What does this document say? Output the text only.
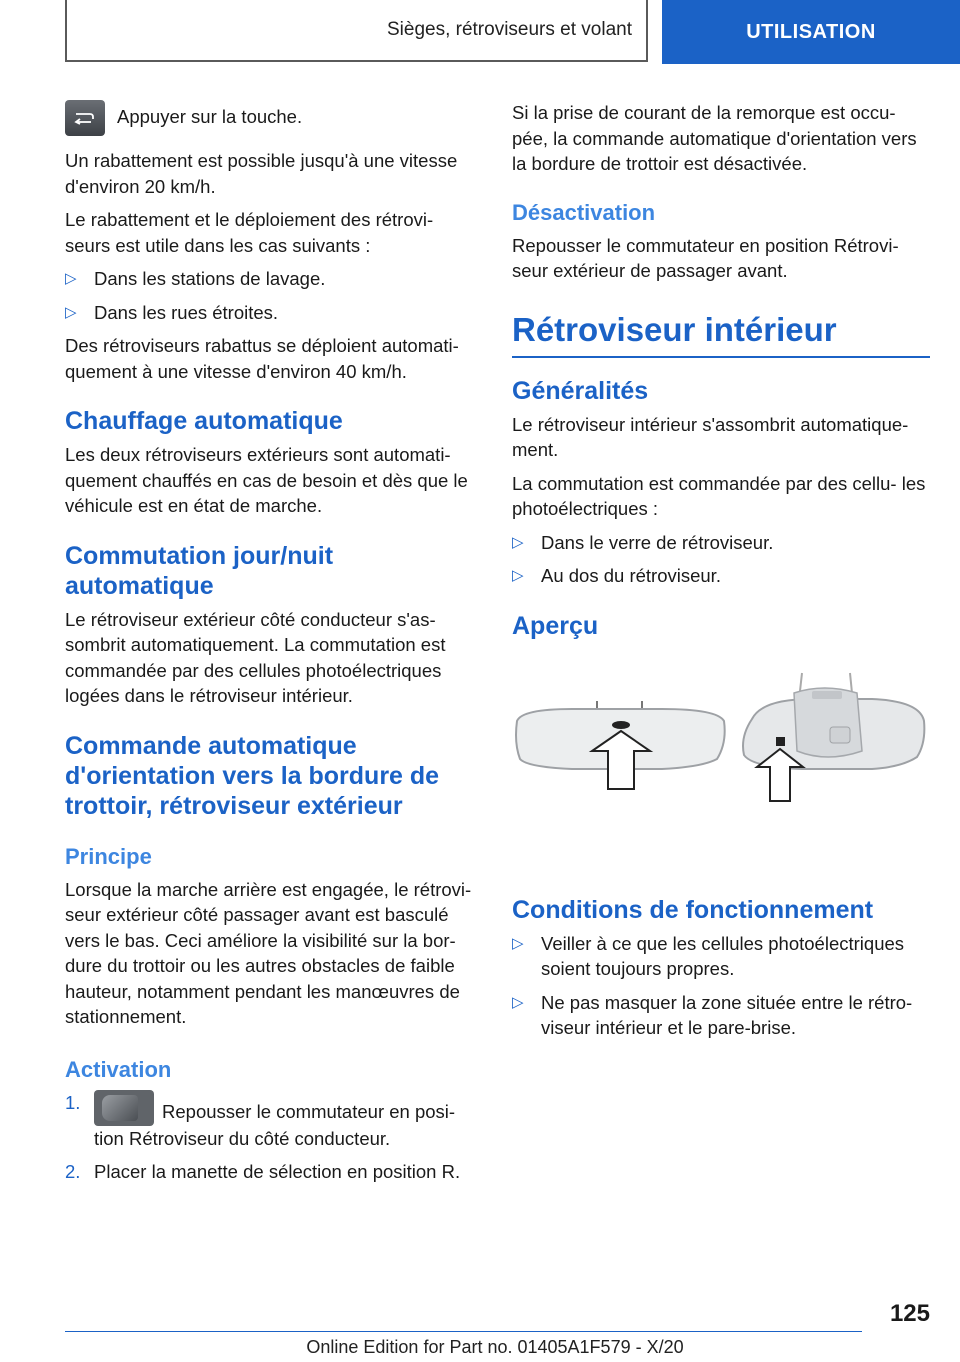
Sièges, rétroviseurs et volant	UTILISATION

Appuyer sur la touche.

Un rabattement est possible jusqu'à une vitesse d'environ 20 km/h.

Le rabattement et le déploiement des rétrovi- seurs est utile dans les cas suivants :

▷ Dans les stations de lavage.
▷ Dans les rues étroites.

Des rétroviseurs rabattus se déploient automati- quement à une vitesse d'environ 40 km/h.

Chauffage automatique

Les deux rétroviseurs extérieurs sont automati- quement chauffés en cas de besoin et dès que le véhicule est en état de marche.

Commutation jour/nuit automatique

Le rétroviseur extérieur côté conducteur s'as- sombrit automatiquement. La commutation est commandée par des cellules photoélectriques logées dans le rétroviseur intérieur.

Commande automatique d'orientation vers la bordure de trottoir, rétroviseur extérieur
Principe

Lorsque la marche arrière est engagée, le rétrovi- seur extérieur côté passager avant est basculé vers le bas. Ceci améliore la visibilité sur la bor- dure du trottoir ou les autres obstacles de faible hauteur, notamment pendant les manœuvres de stationnement.

Activation
1.	Repousser le commutateur en posi- tion Rétroviseur du côté conducteur.
2. Placer la manette de sélection en position R.

Si la prise de courant de la remorque est occu- pée, la commande automatique d'orientation vers la bordure de trottoir est désactivée.

Désactivation

Repousser le commutateur en position Rétrovi- seur extérieur de passager avant.

Rétroviseur intérieur
Généralités

Le rétroviseur intérieur s'assombrit automatique- ment.

La commutation est commandée par des cellu- les photoélectriques :

▷ Dans le verre de rétroviseur.
▷ Au dos du rétroviseur.
Aperçu
Conditions de fonctionnement
▷ Veiller à ce que les cellules photoélectriques soient toujours propres.
▷ Ne pas masquer la zone située entre le rétro- viseur intérieur et le pare-brise.
125
Online Edition for Part no. 01405A1F579 - X/20
